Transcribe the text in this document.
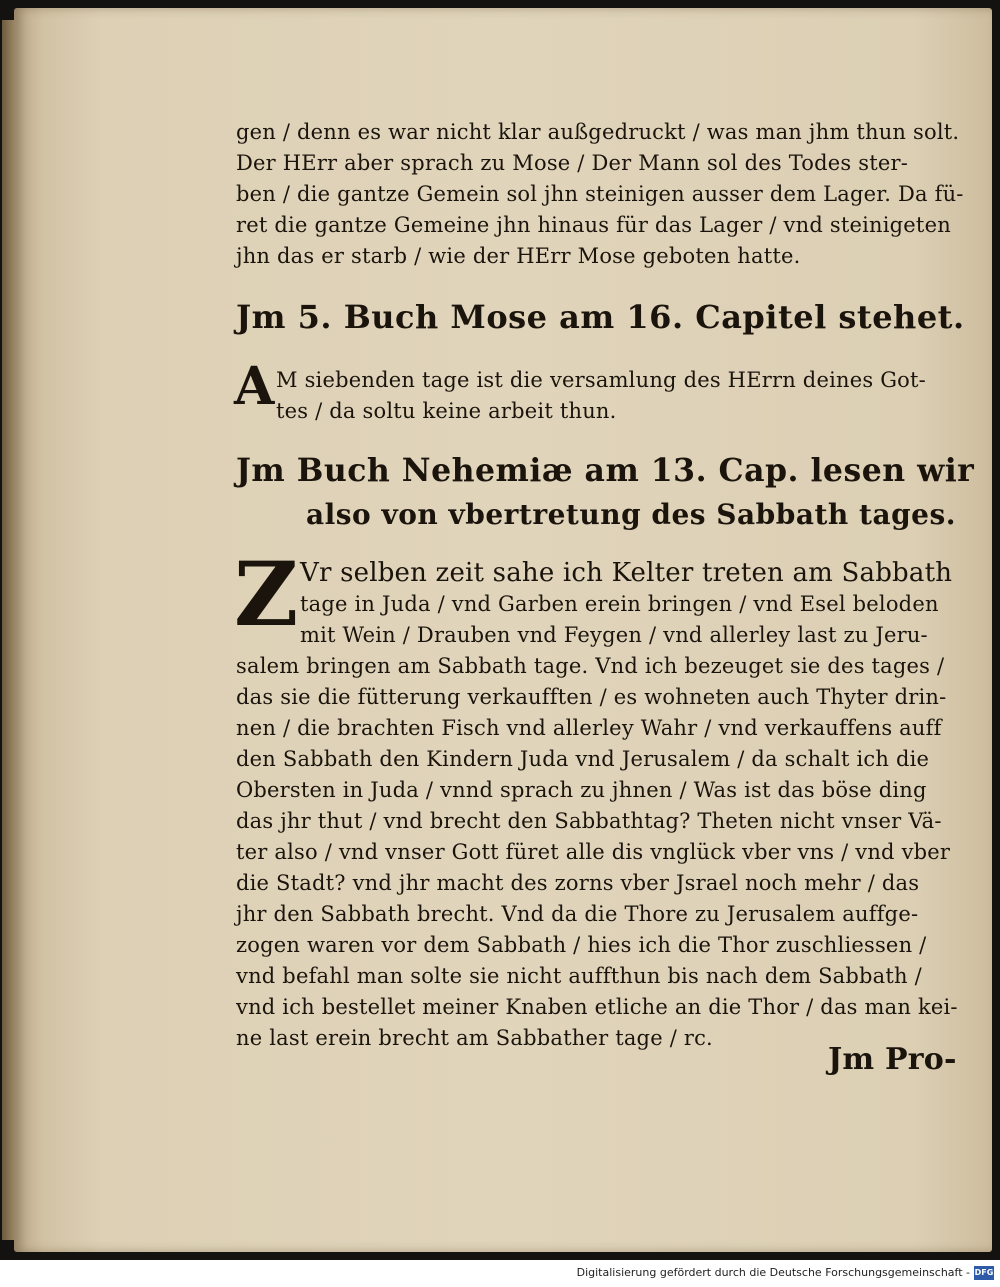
gen / denn es war nicht klar außgedruckt / was man jhm thun solt.
Der HErr aber sprach zu Mose / Der Mann sol des Todes ster-
ben / die gantze Gemein sol jhn steinigen ausser dem Lager. Da fü-
ret die gantze Gemeine jhn hinaus für das Lager / vnd steinigeten
jhn das er starb / wie der HErr Mose geboten hatte.
Jm 5. Buch Mose am 16. Capitel stehet.
A M siebenden tage ist die versamlung des HErrn deines Got-
tes / da soltu keine arbeit thun.
Jm Buch Nehemiæ am 13. Cap. lesen wir
also von vbertretung des Sabbath tages.
Z Vr selben zeit sahe ich Kelter treten am Sabbath
tage in Juda / vnd Garben erein bringen / vnd Esel beloden
mit Wein / Drauben vnd Feygen / vnd allerley last zu Jeru-
salem bringen am Sabbath tage. Vnd ich bezeuget sie des tages /
das sie die fütterung verkaufften / es wohneten auch Thyter drin-
nen / die brachten Fisch vnd allerley Wahr / vnd verkauffens auff
den Sabbath den Kindern Juda vnd Jerusalem / da schalt ich die
Obersten in Juda / vnnd sprach zu jhnen / Was ist das böse ding
das jhr thut / vnd brecht den Sabbathtag? Theten nicht vnser Vä-
ter also / vnd vnser Gott füret alle dis vnglück vber vns / vnd vber
die Stadt? vnd jhr macht des zorns vber Jsrael noch mehr / das
jhr den Sabbath brecht. Vnd da die Thore zu Jerusalem auffge-
zogen waren vor dem Sabbath / hies ich die Thor zuschliessen /
vnd befahl man solte sie nicht auffthun bis nach dem Sabbath /
vnd ich bestellet meiner Knaben etliche an die Thor / das man kei-
ne last erein brecht am Sabbather tage / rc.
Jm Pro-
Digitalisierung gefördert durch die Deutsche Forschungsgemeinschaft - DFG
